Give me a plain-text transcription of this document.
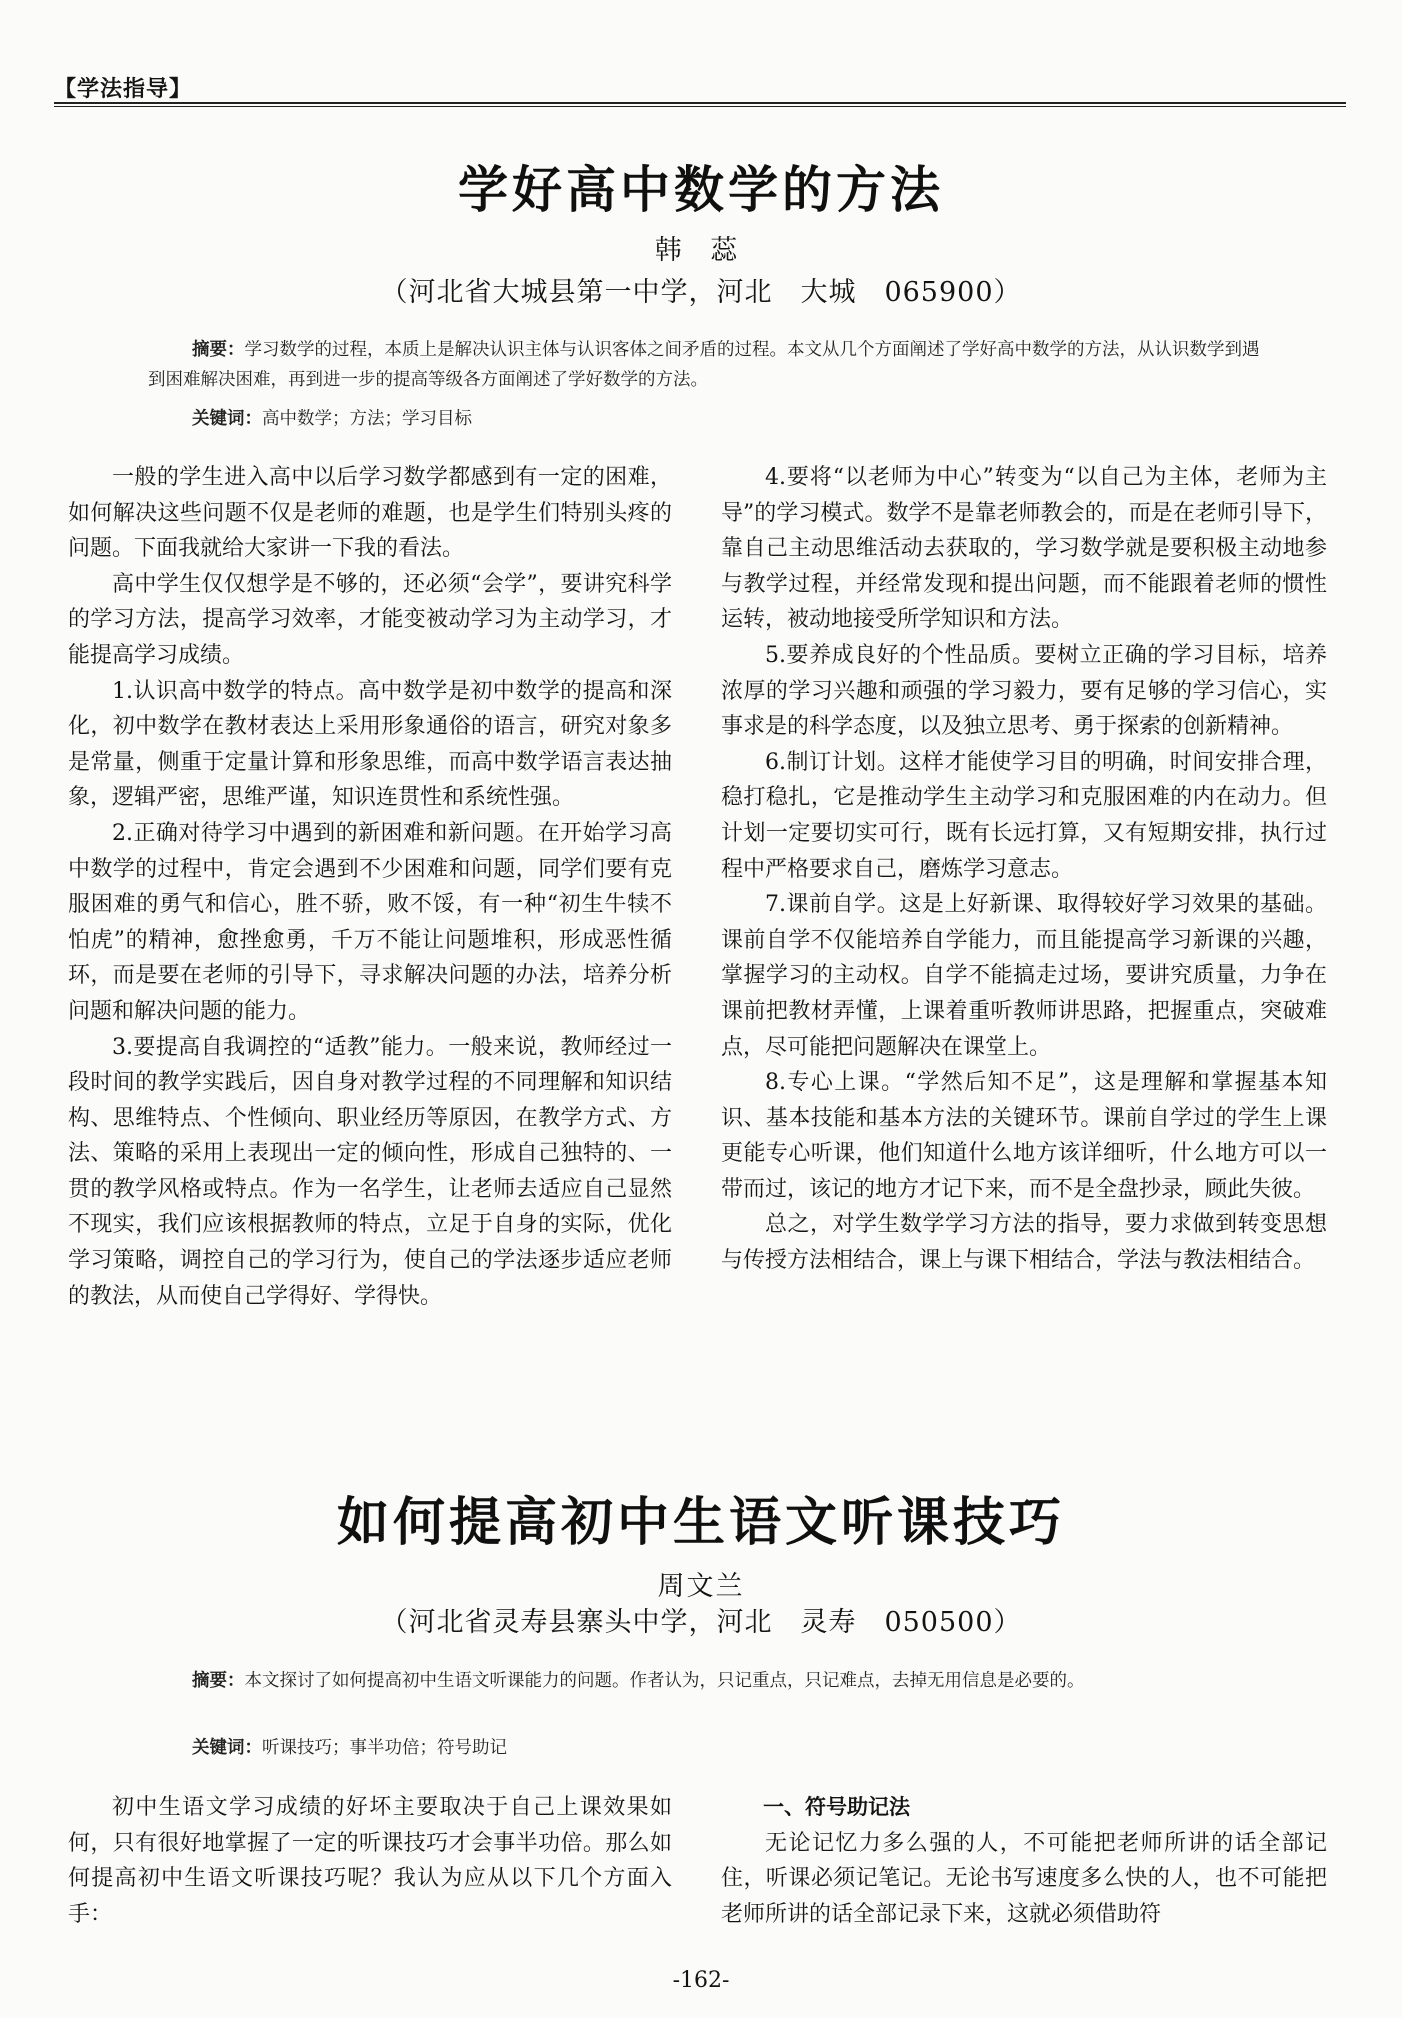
【学法指导】
学好高中数学的方法
韩 蕊
（河北省大城县第一中学，河北　大城　065900）
摘要：学习数学的过程，本质上是解决认识主体与认识客体之间矛盾的过程。本文从几个方面阐述了学好高中数学的方法，从认识数学到遇到困难解决困难，再到进一步的提高等级各方面阐述了学好数学的方法。
关键词：高中数学；方法；学习目标

一般的学生进入高中以后学习数学都感到有一定的困难，如何解决这些问题不仅是老师的难题，也是学生们特别头疼的问题。下面我就给大家讲一下我的看法。

高中学生仅仅想学是不够的，还必须“会学”，要讲究科学的学习方法，提高学习效率，才能变被动学习为主动学习，才能提高学习成绩。

1.认识高中数学的特点。高中数学是初中数学的提高和深化，初中数学在教材表达上采用形象通俗的语言，研究对象多是常量，侧重于定量计算和形象思维，而高中数学语言表达抽象，逻辑严密，思维严谨，知识连贯性和系统性强。

2.正确对待学习中遇到的新困难和新问题。在开始学习高中数学的过程中，肯定会遇到不少困难和问题，同学们要有克服困难的勇气和信心，胜不骄，败不馁，有一种“初生牛犊不怕虎”的精神，愈挫愈勇，千万不能让问题堆积，形成恶性循环，而是要在老师的引导下，寻求解决问题的办法，培养分析问题和解决问题的能力。

3.要提高自我调控的“适教”能力。一般来说，教师经过一段时间的教学实践后，因自身对教学过程的不同理解和知识结构、思维特点、个性倾向、职业经历等原因，在教学方式、方法、策略的采用上表现出一定的倾向性，形成自己独特的、一贯的教学风格或特点。作为一名学生，让老师去适应自己显然不现实，我们应该根据教师的特点，立足于自身的实际，优化学习策略，调控自己的学习行为，使自己的学法逐步适应老师的教法，从而使自己学得好、学得快。

4.要将“以老师为中心”转变为“以自己为主体，老师为主导”的学习模式。数学不是靠老师教会的，而是在老师引导下，靠自己主动思维活动去获取的，学习数学就是要积极主动地参与教学过程，并经常发现和提出问题，而不能跟着老师的惯性运转，被动地接受所学知识和方法。

5.要养成良好的个性品质。要树立正确的学习目标，培养浓厚的学习兴趣和顽强的学习毅力，要有足够的学习信心，实事求是的科学态度，以及独立思考、勇于探索的创新精神。

6.制订计划。这样才能使学习目的明确，时间安排合理，稳打稳扎，它是推动学生主动学习和克服困难的内在动力。但计划一定要切实可行，既有长远打算，又有短期安排，执行过程中严格要求自己，磨炼学习意志。

7.课前自学。这是上好新课、取得较好学习效果的基础。课前自学不仅能培养自学能力，而且能提高学习新课的兴趣，掌握学习的主动权。自学不能搞走过场，要讲究质量，力争在课前把教材弄懂，上课着重听教师讲思路，把握重点，突破难点，尽可能把问题解决在课堂上。

8.专心上课。“学然后知不足”，这是理解和掌握基本知识、基本技能和基本方法的关键环节。课前自学过的学生上课更能专心听课，他们知道什么地方该详细听，什么地方可以一带而过，该记的地方才记下来，而不是全盘抄录，顾此失彼。

总之，对学生数学学习方法的指导，要力求做到转变思想与传授方法相结合，课上与课下相结合，学法与教法相结合。

如何提高初中生语文听课技巧
周文兰
（河北省灵寿县寨头中学，河北　灵寿　050500）
摘要：本文探讨了如何提高初中生语文听课能力的问题。作者认为，只记重点，只记难点，去掉无用信息是必要的。
关键词：听课技巧；事半功倍；符号助记

初中生语文学习成绩的好坏主要取决于自己上课效果如何，只有很好地掌握了一定的听课技巧才会事半功倍。那么如何提高初中生语文听课技巧呢？我认为应从以下几个方面入手：

一、符号助记法

无论记忆力多么强的人，不可能把老师所讲的话全部记住，听课必须记笔记。无论书写速度多么快的人，也不可能把老师所讲的话全部记录下来，这就必须借助符

-162-
